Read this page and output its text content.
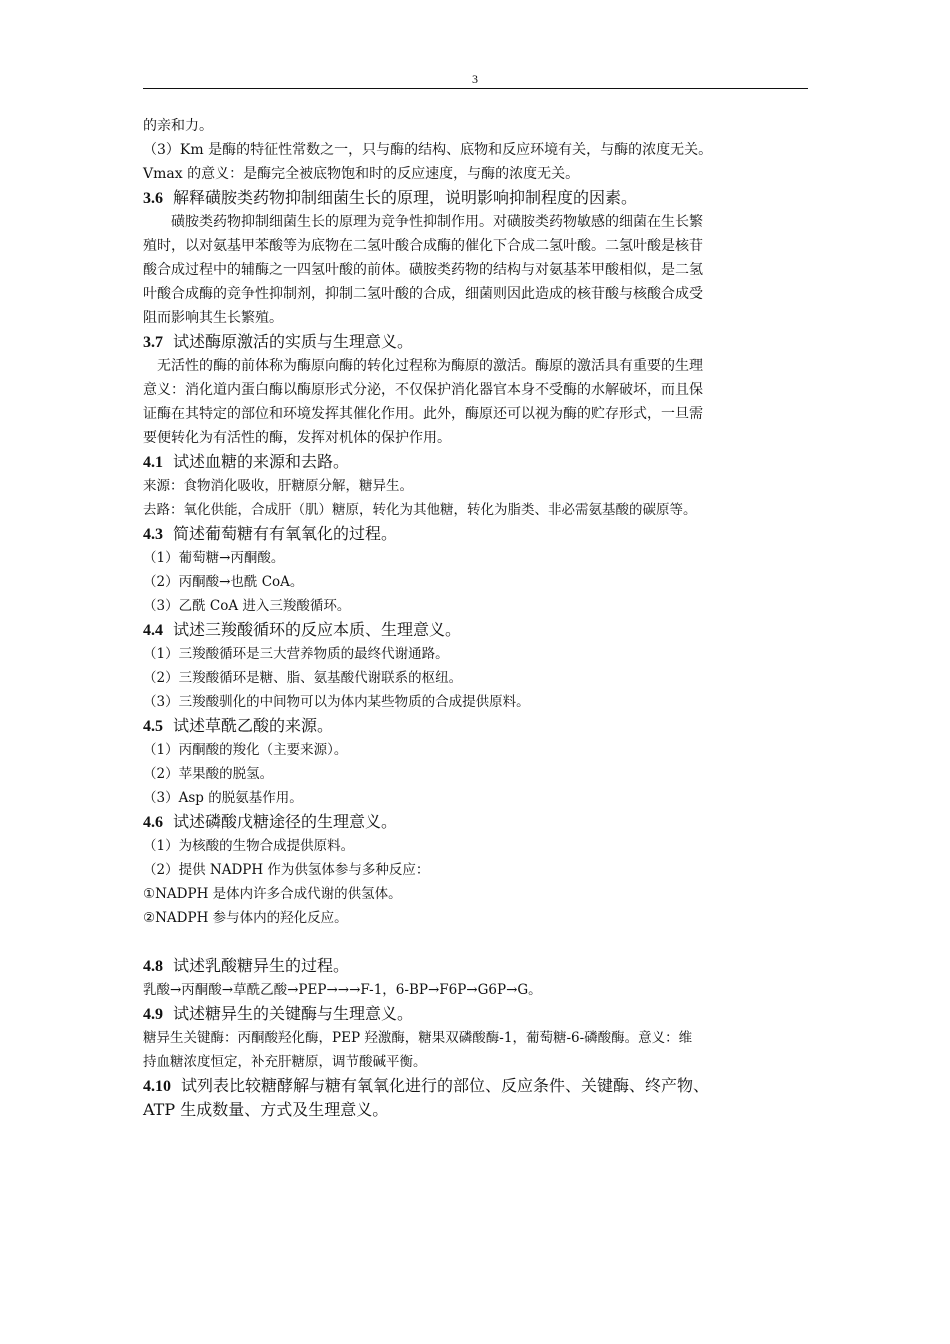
3
的亲和力。
（3）Km 是酶的特征性常数之一，只与酶的结构、底物和反应环境有关，与酶的浓度无关。
Vmax 的意义：是酶完全被底物饱和时的反应速度，与酶的浓度无关。
3.6 解释磺胺类药物抑制细菌生长的原理，说明影响抑制程度的因素。
磺胺类药物抑制细菌生长的原理为竞争性抑制作用。对磺胺类药物敏感的细菌在生长繁
殖时，以对氨基甲苯酸等为底物在二氢叶酸合成酶的催化下合成二氢叶酸。二氢叶酸是核苷
酸合成过程中的辅酶之一四氢叶酸的前体。磺胺类药物的结构与对氨基苯甲酸相似，是二氢
叶酸合成酶的竞争性抑制剂，抑制二氢叶酸的合成，细菌则因此造成的核苷酸与核酸合成受
阻而影响其生长繁殖。
3.7 试述酶原激活的实质与生理意义。
无活性的酶的前体称为酶原向酶的转化过程称为酶原的激活。酶原的激活具有重要的生理
意义：消化道内蛋白酶以酶原形式分泌，不仅保护消化器官本身不受酶的水解破坏，而且保
证酶在其特定的部位和环境发挥其催化作用。此外，酶原还可以视为酶的贮存形式，一旦需
要便转化为有活性的酶，发挥对机体的保护作用。
4.1 试述血糖的来源和去路。
来源：食物消化吸收，肝糖原分解，糖异生。
去路：氧化供能，合成肝（肌）糖原，转化为其他糖，转化为脂类、非必需氨基酸的碳原等。
4.3 简述葡萄糖有有氧氧化的过程。
（1）葡萄糖→丙酮酸。
（2）丙酮酸→也酰 CoA。
（3）乙酰 CoA 进入三羧酸循环。
4.4 试述三羧酸循环的反应本质、生理意义。
（1）三羧酸循环是三大营养物质的最终代谢通路。
（2）三羧酸循环是糖、脂、氨基酸代谢联系的枢纽。
（3）三羧酸驯化的中间物可以为体内某些物质的合成提供原料。
4.5 试述草酰乙酸的来源。
（1）丙酮酸的羧化（主要来源）。
（2）苹果酸的脱氢。
（3）Asp 的脱氨基作用。
4.6 试述磷酸戊糖途径的生理意义。
（1）为核酸的生物合成提供原料。
（2）提供 NADPH 作为供氢体参与多种反应：
①NADPH 是体内许多合成代谢的供氢体。
②NADPH 参与体内的羟化反应。
4.8 试述乳酸糖异生的过程。
乳酸→丙酮酸→草酰乙酸→PEP→→→F-1，6-BP→F6P→G6P→G。
4.9 试述糖异生的关键酶与生理意义。
糖异生关键酶：丙酮酸羟化酶，PEP 羟激酶，糖果双磷酸酶-1，葡萄糖-6-磷酸酶。意义：维
持血糖浓度恒定，补充肝糖原，调节酸碱平衡。
4.10 试列表比较糖酵解与糖有氧氧化进行的部位、反应条件、关键酶、终产物、
ATP 生成数量、方式及生理意义。
